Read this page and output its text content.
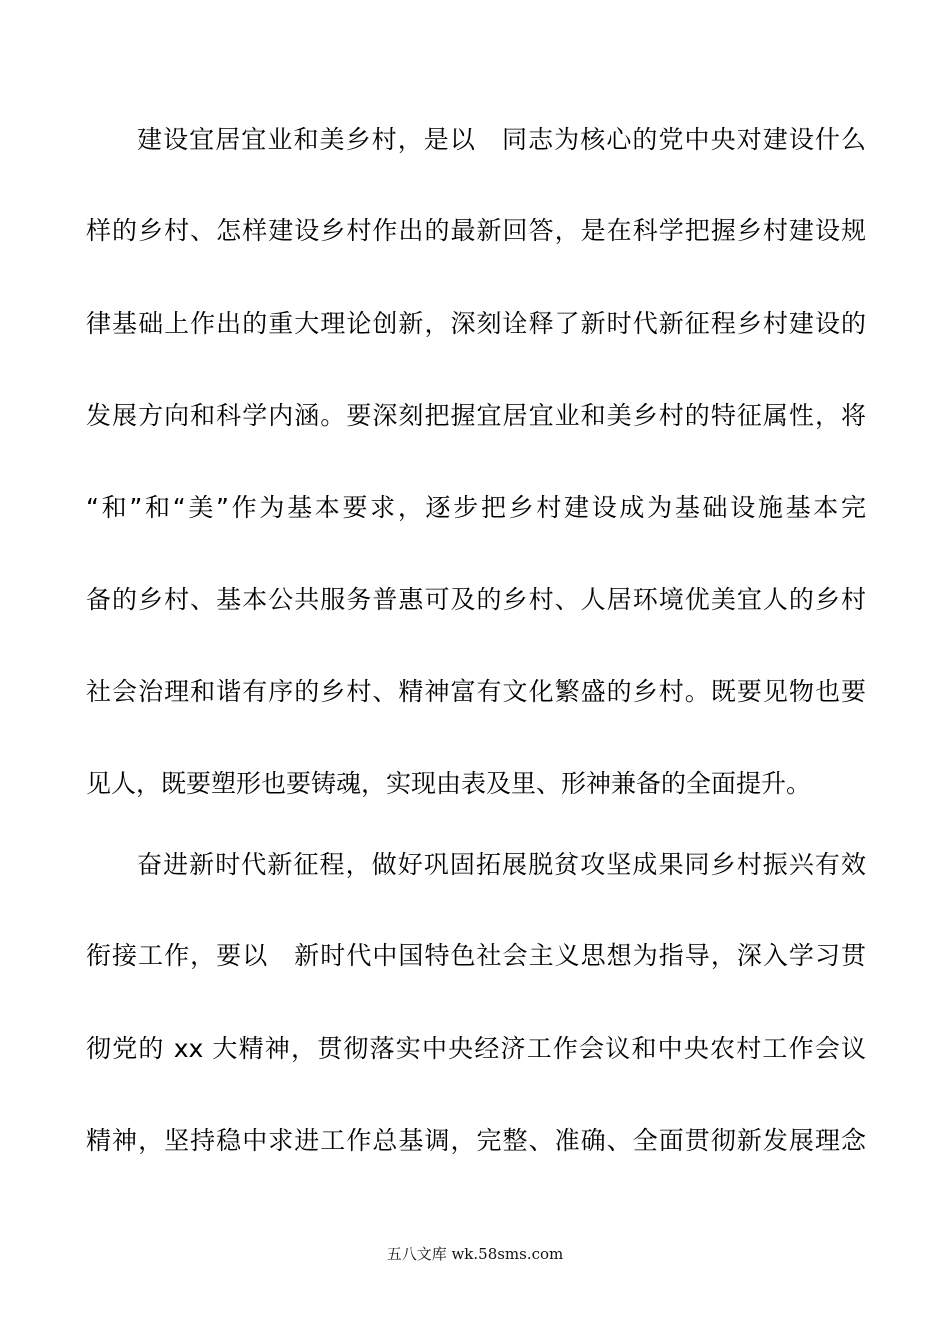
建设宜居宜业和美乡村，是以　同志为核心的党中央对建设什么
样的乡村、怎样建设乡村作出的最新回答，是在科学把握乡村建设规
律基础上作出的重大理论创新，深刻诠释了新时代新征程乡村建设的
发展方向和科学内涵。要深刻把握宜居宜业和美乡村的特征属性，将
“和”和“美”作为基本要求，逐步把乡村建设成为基础设施基本完
备的乡村、基本公共服务普惠可及的乡村、人居环境优美宜人的乡村
社会治理和谐有序的乡村、精神富有文化繁盛的乡村。既要见物也要
见人，既要塑形也要铸魂，实现由表及里、形神兼备的全面提升。
奋进新时代新征程，做好巩固拓展脱贫攻坚成果同乡村振兴有效
衔接工作，要以　新时代中国特色社会主义思想为指导，深入学习贯
彻党的 xx 大精神，贯彻落实中央经济工作会议和中央农村工作会议
精神，坚持稳中求进工作总基调，完整、准确、全面贯彻新发展理念
五八文库 wk.58sms.com
